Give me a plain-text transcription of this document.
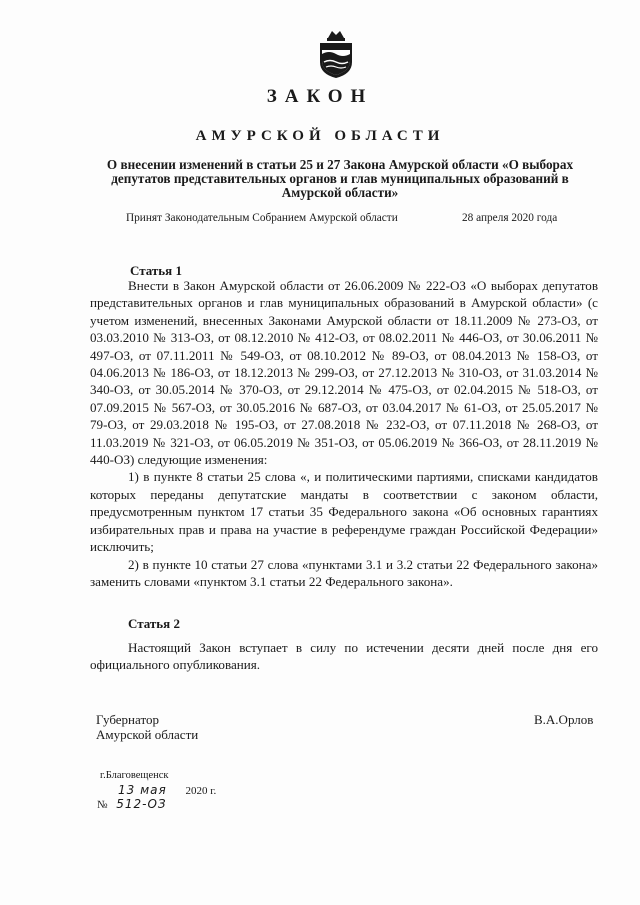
ЗАКОН
АМУРСКОЙ ОБЛАСТИ
О внесении изменений в статьи 25 и 27 Закона Амурской области «О выборах
депутатов представительных органов и глав муниципальных образований в
Амурской области»
Принят Законодательным Собранием Амурской области	28 апреля 2020 года
Статья 1

Внести в Закон Амурской области от 26.06.2009 № 222-ОЗ «О выборах депутатов представительных органов и глав муниципальных образований в Амурской области» (с учетом изменений, внесенных Законами Амурской области от 18.11.2009 № 273-ОЗ, от 03.03.2010 № 313-ОЗ, от 08.12.2010 № 412-ОЗ, от 08.02.2011 № 446-ОЗ, от 30.06.2011 № 497-ОЗ, от 07.11.2011 № 549-ОЗ, от 08.10.2012 № 89-ОЗ, от 08.04.2013 № 158-ОЗ, от 04.06.2013 № 186-ОЗ, от 18.12.2013 № 299-ОЗ, от 27.12.2013 № 310-ОЗ, от 31.03.2014 № 340-ОЗ, от 30.05.2014 № 370-ОЗ, от 29.12.2014 № 475-ОЗ, от 02.04.2015 № 518-ОЗ, от 07.09.2015 № 567-ОЗ, от 30.05.2016 № 687-ОЗ, от 03.04.2017 № 61-ОЗ, от 25.05.2017 № 79-ОЗ, от 29.03.2018 № 195-ОЗ, от 27.08.2018 № 232-ОЗ, от 07.11.2018 № 268-ОЗ, от 11.03.2019 № 321-ОЗ, от 06.05.2019 № 351-ОЗ, от 05.06.2019 № 366-ОЗ, от 28.11.2019 № 440-ОЗ) следующие изменения:

1) в пункте 8 статьи 25 слова «, и политическими партиями, списками кандидатов которых переданы депутатские мандаты в соответствии с законом области, предусмотренным пунктом 17 статьи 35 Федерального закона «Об основных гарантиях избирательных прав и права на участие в референдуме граждан Российской Федерации» исключить;

2) в пункте 10 статьи 27 слова «пунктами 3.1 и 3.2 статьи 22 Федерального закона» заменить словами «пунктом 3.1 статьи 22 Федерального закона».

Статья 2

Настоящий Закон вступает в силу по истечении десяти дней после дня его официального опубликования.

Губернатор
Амурской области
В.А.Орлов
г.Благовещенск
13 мая 2020 г.
№ 512-ОЗ
